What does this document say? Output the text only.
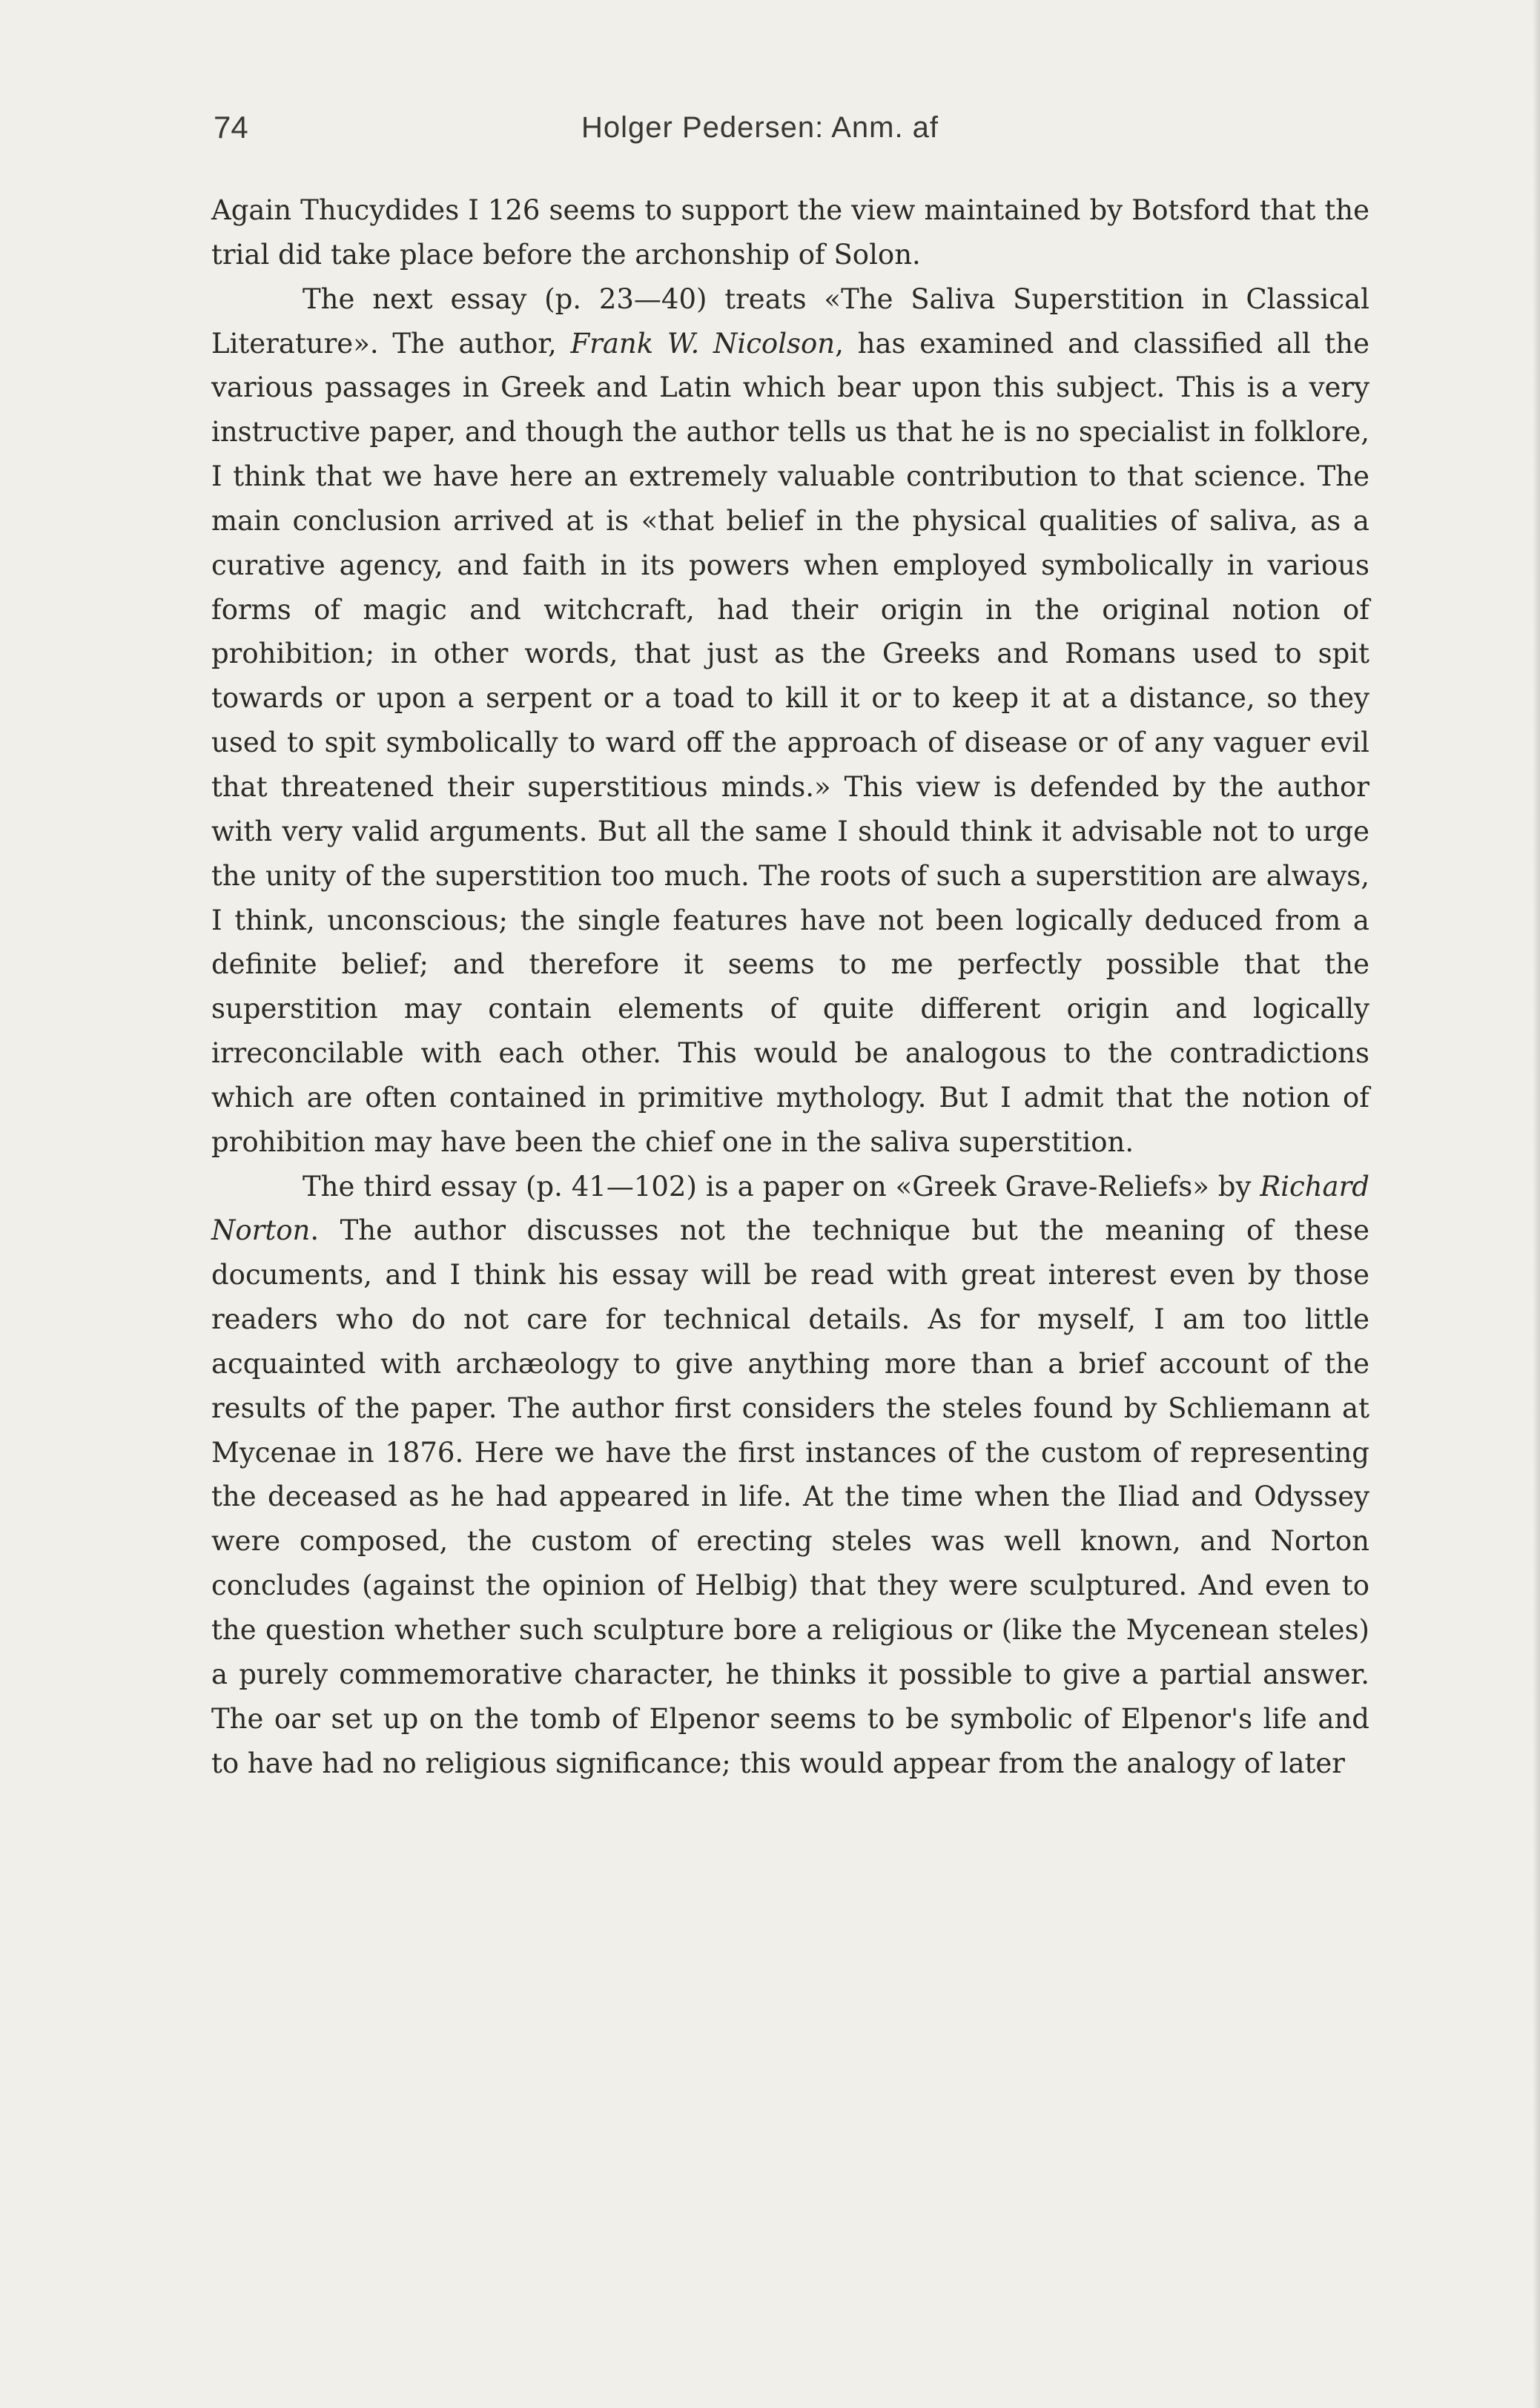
74	Holger Pedersen: Anm. af

Again Thucydides I 126 seems to support the view maintained by Botsford that the trial did take place before the archonship of Solon.

The next essay (p. 23—40) treats «The Saliva Superstition in Classical Literature». The author, Frank W. Nicolson, has examined and classified all the various passages in Greek and Latin which bear upon this subject. This is a very instructive paper, and though the author tells us that he is no specialist in folklore, I think that we have here an extremely valuable contribution to that science. The main conclusion arrived at is «that belief in the physical qualities of saliva, as a curative agency, and faith in its powers when employed symbolically in various forms of magic and witchcraft, had their origin in the original notion of prohibition; in other words, that just as the Greeks and Romans used to spit towards or upon a serpent or a toad to kill it or to keep it at a distance, so they used to spit symbolically to ward off the approach of disease or of any vaguer evil that threatened their superstitious minds.» This view is defended by the author with very valid arguments. But all the same I should think it advisable not to urge the unity of the superstition too much. The roots of such a superstition are always, I think, unconscious; the single features have not been logically deduced from a definite belief; and therefore it seems to me perfectly possible that the superstition may contain elements of quite different origin and logically irreconcilable with each other. This would be analogous to the contradictions which are often contained in primitive mythology. But I admit that the notion of prohibition may have been the chief one in the saliva superstition.

The third essay (p. 41—102) is a paper on «Greek Grave-Reliefs» by Richard Norton. The author discusses not the technique but the meaning of these documents, and I think his essay will be read with great interest even by those readers who do not care for technical details. As for myself, I am too little acquainted with archæology to give anything more than a brief account of the results of the paper. The author first considers the steles found by Schliemann at Mycenae in 1876. Here we have the first instances of the custom of representing the deceased as he had appeared in life. At the time when the Iliad and Odyssey were composed, the custom of erecting steles was well known, and Norton concludes (against the opinion of Helbig) that they were sculptured. And even to the question whether such sculpture bore a religious or (like the Mycenean steles) a purely commemorative character, he thinks it possible to give a partial answer. The oar set up on the tomb of Elpenor seems to be symbolic of Elpenor's life and to have had no religious significance; this would appear from the analogy of later
